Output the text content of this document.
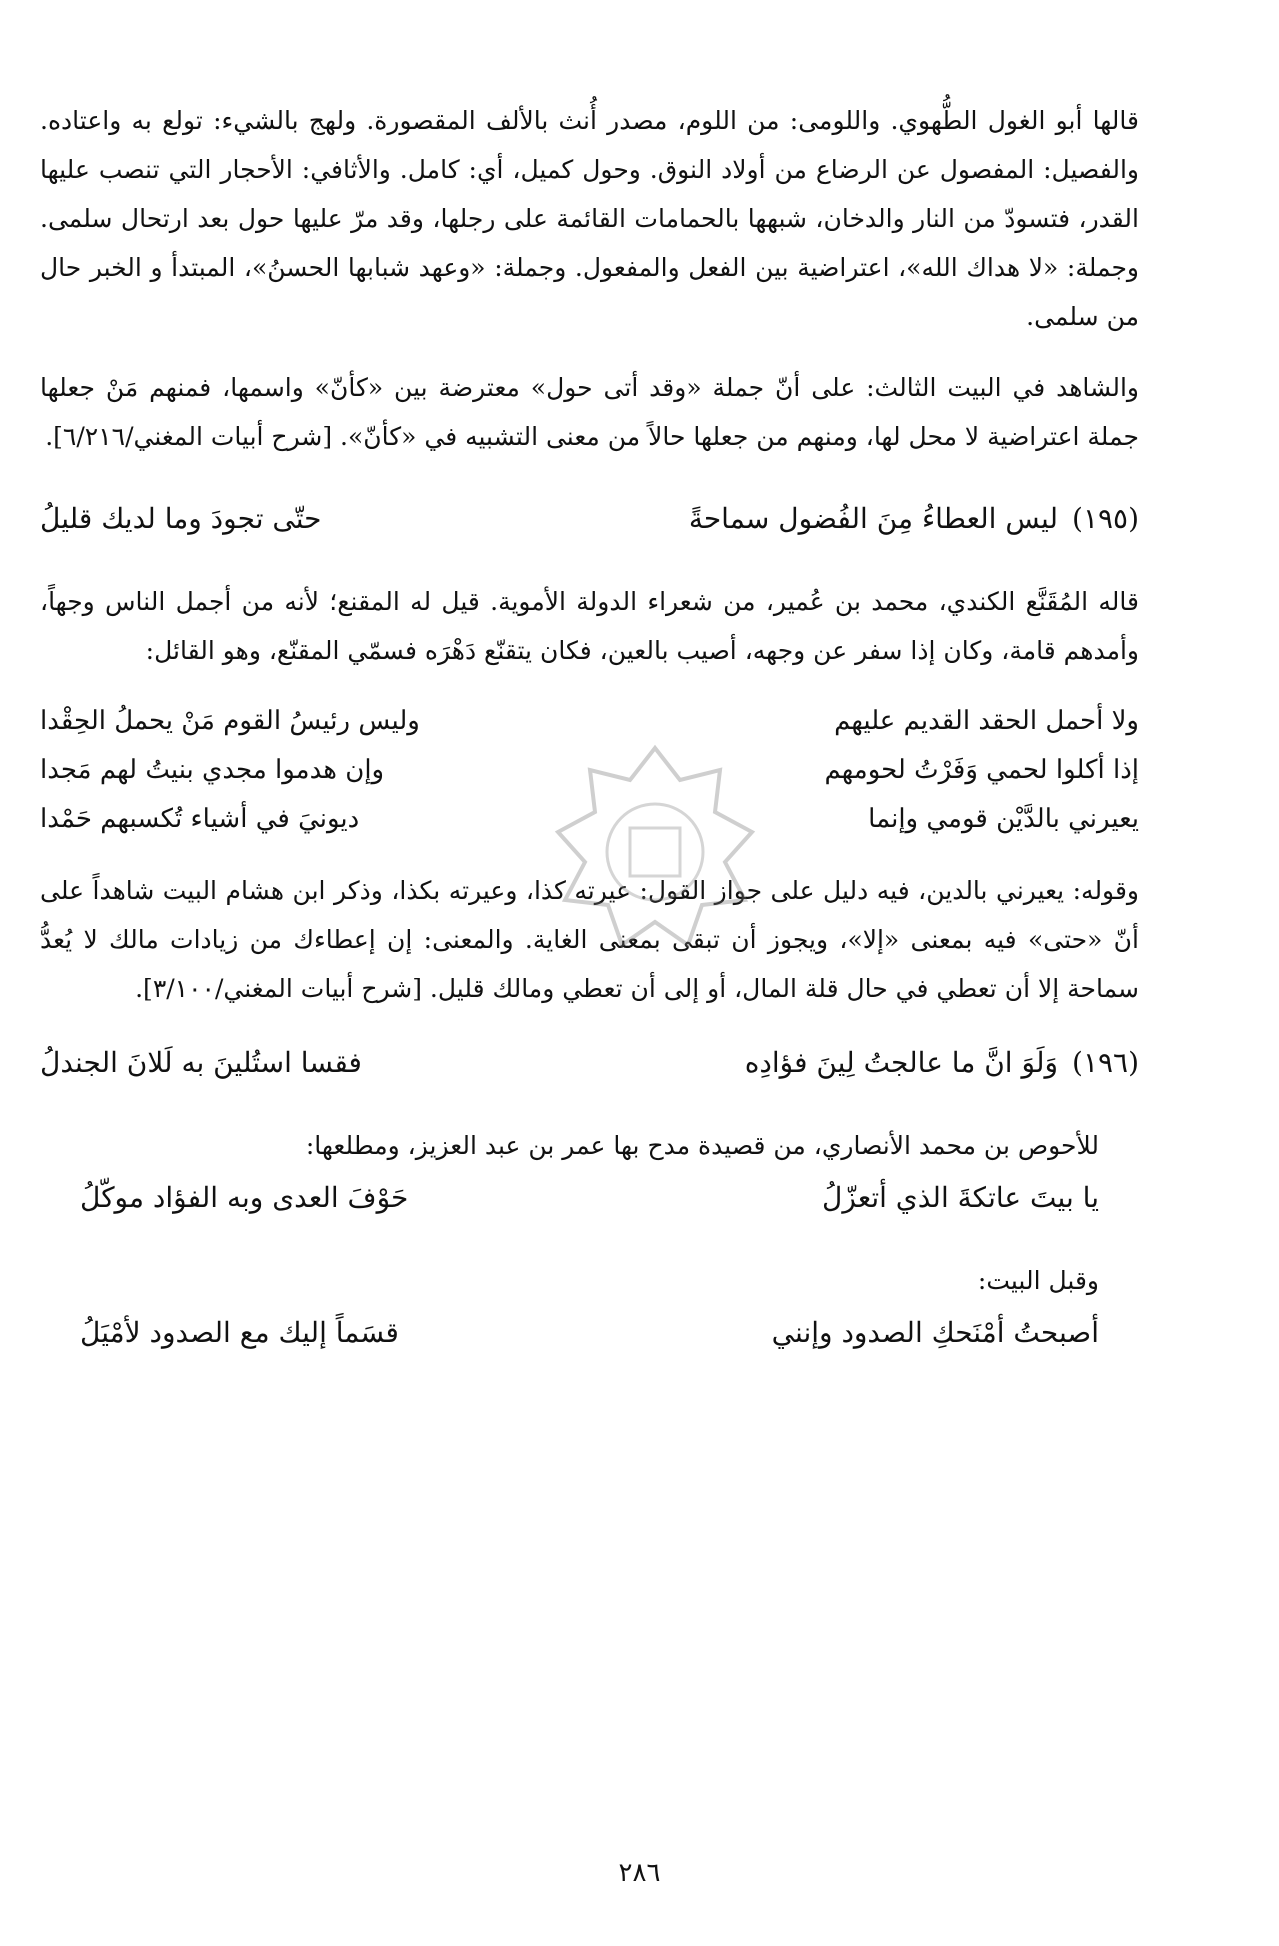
قالها أبو الغول الطُّهوي. واللومى: من اللوم، مصدر أُنث بالألف المقصورة. ولهج بالشيء: تولع به واعتاده. والفصيل: المفصول عن الرضاع من أولاد النوق. وحول كميل، أي: كامل. والأثافي: الأحجار التي تنصب عليها القدر، فتسودّ من النار والدخان، شبهها بالحمامات القائمة على رجلها، وقد مرّ عليها حول بعد ارتحال سلمى. وجملة: «لا هداك الله»، اعتراضية بين الفعل والمفعول. وجملة: «وعهد شبابها الحسنُ»، المبتدأ و الخبر حال من سلمى.

والشاهد في البيت الثالث: على أنّ جملة «وقد أتى حول» معترضة بين «كأنّ» واسمها، فمنهم مَنْ جعلها جملة اعتراضية لا محل لها، ومنهم من جعلها حالاً من معنى التشبيه في «كأنّ». [شرح أبيات المغني/٦/٢١٦].

(١٩٥)
ليس العطاءُ مِنَ الفُضول سماحةً
حتّى تجودَ وما لديك قليلُ

قاله المُقَنَّع الكندي، محمد بن عُمير، من شعراء الدولة الأموية. قيل له المقنع؛ لأنه من أجمل الناس وجهاً، وأمدهم قامة، وكان إذا سفر عن وجهه، أصيب بالعين، فكان يتقنّع دَهْرَه فسمّي المقنّع، وهو القائل:

ولا أحمل الحقد القديم عليهم
وليس رئيسُ القوم مَنْ يحملُ الحِقْدا
إذا أكلوا لحمي وَفَرْتُ لحومهم
وإن هدموا مجدي بنيتُ لهم مَجدا
يعيرني بالدَّيْن قومي وإنما
ديونيَ في أشياء تُكسبهم حَمْدا

وقوله: يعيرني بالدين، فيه دليل على جواز القول: عيرته كذا، وعيرته بكذا، وذكر ابن هشام البيت شاهداً على أنّ «حتى» فيه بمعنى «إلا»، ويجوز أن تبقى بمعنى الغاية. والمعنى: إن إعطاءك من زيادات مالك لا يُعدُّ سماحة إلا أن تعطي في حال قلة المال، أو إلى أن تعطي ومالك قليل. [شرح أبيات المغني/٣/١٠٠].

(١٩٦)
وَلَوَ انَّ ما عالجتُ لِينَ فؤادِه
فقسا استُلينَ به لَلانَ الجندلُ

للأحوص بن محمد الأنصاري، من قصيدة مدح بها عمر بن عبد العزيز، ومطلعها:

يا بيتَ عاتكةَ الذي أتعزّلُ
حَوْفَ العدى وبه الفؤاد موكّلُ

وقبل البيت:

أصبحتُ أمْنَحكِ الصدود وإنني
قسَماً إليك مع الصدود لأمْيَلُ
٢٨٦
